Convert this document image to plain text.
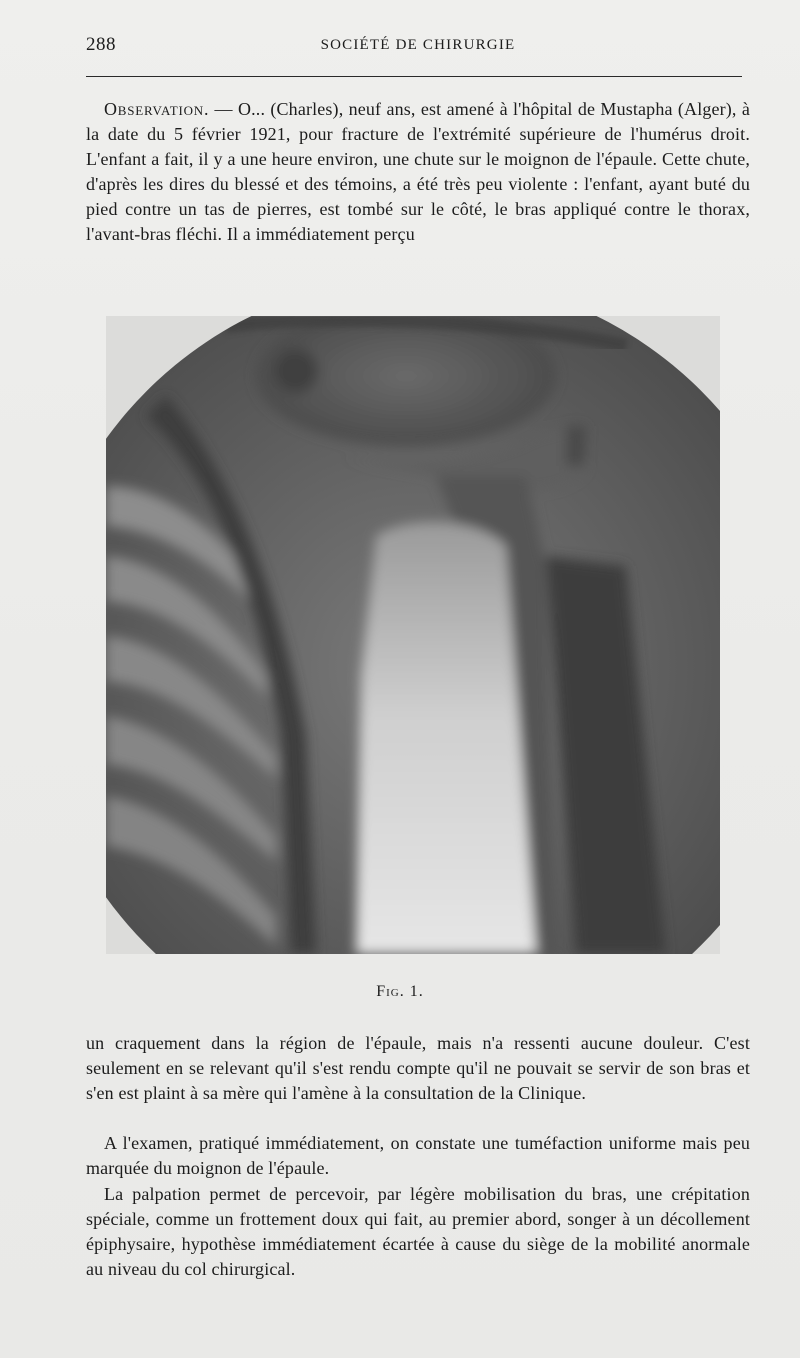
288	SOCIÉTÉ DE CHIRURGIE

Observation. — O... (Charles), neuf ans, est amené à l'hôpital de Mustapha (Alger), à la date du 5 février 1921, pour fracture de l'extrémité supérieure de l'humérus droit. L'enfant a fait, il y a une heure environ, une chute sur le moignon de l'épaule. Cette chute, d'après les dires du blessé et des témoins, a été très peu violente : l'enfant, ayant buté du pied contre un tas de pierres, est tombé sur le côté, le bras appliqué contre le thorax, l'avant-bras fléchi. Il a immédiatement perçu

Fig. 1.

un craquement dans la région de l'épaule, mais n'a ressenti aucune douleur. C'est seulement en se relevant qu'il s'est rendu compte qu'il ne pouvait se servir de son bras et s'en est plaint à sa mère qui l'amène à la consultation de la Clinique.

A l'examen, pratiqué immédiatement, on constate une tuméfaction uniforme mais peu marquée du moignon de l'épaule.

La palpation permet de percevoir, par légère mobilisation du bras, une crépitation spéciale, comme un frottement doux qui fait, au premier abord, songer à un décollement épiphysaire, hypothèse immédiatement écartée à cause du siège de la mobilité anormale au niveau du col chirurgical.
